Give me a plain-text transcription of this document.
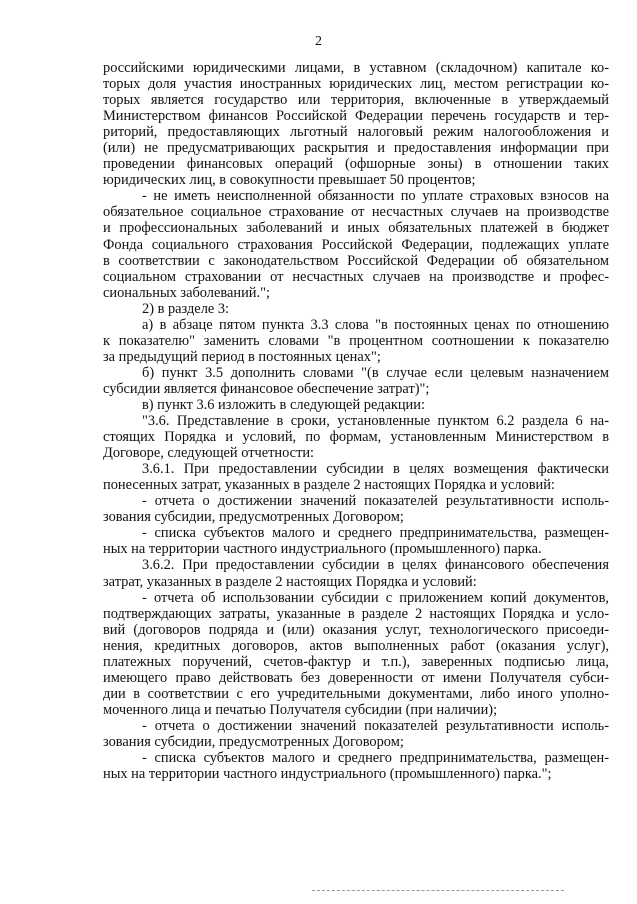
2
российскими юридическими лицами, в уставном (складочном) капитале ко-
торых доля участия иностранных юридических лиц, местом регистрации ко-
торых является государство или территория, включенные в утверждаемый
Министерством финансов Российской Федерации перечень государств и тер-
риторий, предоставляющих льготный налоговый режим налогообложения и
(или) не предусматривающих раскрытия и предоставления информации при
проведении финансовых операций (офшорные зоны) в отношении таких
юридических лиц, в совокупности превышает 50 процентов;
- не иметь неисполненной обязанности по уплате страховых взносов на
обязательное социальное страхование от несчастных случаев на производстве
и профессиональных заболеваний и иных обязательных платежей в бюджет
Фонда социального страхования Российской Федерации, подлежащих уплате
в соответствии с законодательством Российской Федерации об обязательном
социальном страховании от несчастных случаев на производстве и профес-
сиональных заболеваний.";
2) в разделе 3:
а) в абзаце пятом пункта 3.3 слова "в постоянных ценах по отношению
к показателю" заменить словами "в процентном соотношении к показателю
за предыдущий период в постоянных ценах";
б) пункт 3.5 дополнить словами "(в случае если целевым назначением
субсидии является финансовое обеспечение затрат)";
в) пункт 3.6 изложить в следующей редакции:
"3.6. Представление в сроки, установленные пунктом 6.2 раздела 6 на-
стоящих Порядка и условий, по формам, установленным Министерством в
Договоре, следующей отчетности:
3.6.1. При предоставлении субсидии в целях возмещения фактически
понесенных затрат, указанных в разделе 2 настоящих Порядка и условий:
- отчета о достижении значений показателей результативности исполь-
зования субсидии, предусмотренных Договором;
- списка субъектов малого и среднего предпринимательства, размещен-
ных на территории частного индустриального (промышленного) парка.
3.6.2. При предоставлении субсидии в целях финансового обеспечения
затрат, указанных в разделе 2 настоящих Порядка и условий:
- отчета об использовании субсидии с приложением копий документов,
подтверждающих затраты, указанные в разделе 2 настоящих Порядка и усло-
вий (договоров подряда и (или) оказания услуг, технологического присоеди-
нения, кредитных договоров, актов выполненных работ (оказания услуг),
платежных поручений, счетов-фактур и т.п.), заверенных подписью лица,
имеющего право действовать без доверенности от имени Получателя субси-
дии в соответствии с его учредительными документами, либо иного уполно-
моченного лица и печатью Получателя субсидии (при наличии);
- отчета о достижении значений показателей результативности исполь-
зования субсидии, предусмотренных Договором;
- списка субъектов малого и среднего предпринимательства, размещен-
ных на территории частного индустриального (промышленного) парка.";
